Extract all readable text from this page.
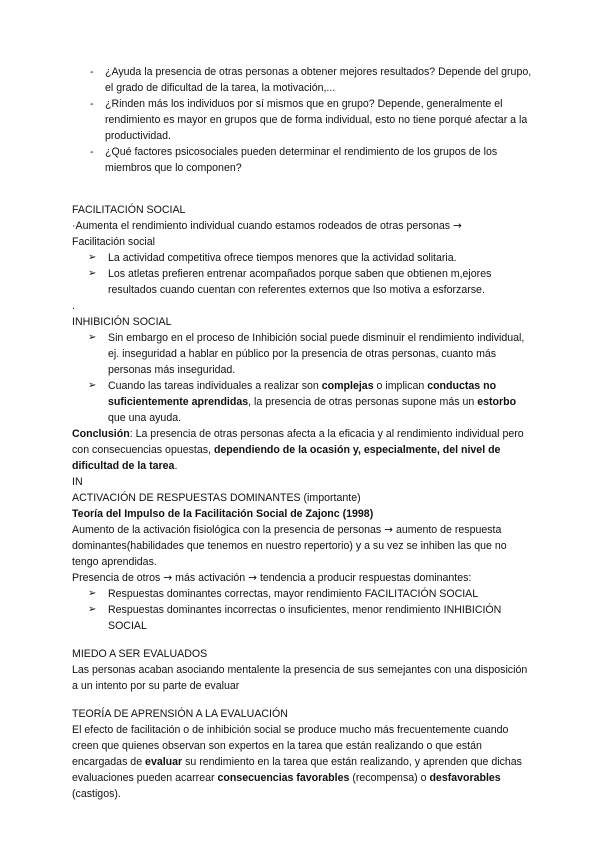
- ¿Ayuda la presencia de otras personas a obtener mejores resultados? Depende del grupo, el grado de dificultad de la tarea, la motivación,...
- ¿Rinden más los individuos por sí mismos que en grupo? Depende, generalmente el rendimiento es mayor en grupos que de forma individual, esto no tiene porqué afectar a la productividad.
- ¿Qué factores psicosociales pueden determinar el rendimiento de los grupos de los miembros que lo componen?

FACILITACIÓN SOCIAL

·Aumenta el rendimiento individual cuando estamos rodeados de otras personas →
Facilitación social

➢ La actividad competitiva ofrece tiempos menores que la actividad solitaria.
➢ Los atletas prefieren entrenar acompañados porque saben que obtienen m,ejores resultados cuando cuentan con referentes externos que lso motiva a esforzarse.

.

INHIBICIÓN SOCIAL

➢ Sin embargo en el proceso de Inhibición social puede disminuir el rendimiento individual, ej. inseguridad a hablar en público por la presencia de otras personas, cuanto más personas más inseguridad.
➢ Cuando las tareas individuales a realizar son complejas o implican conductas no suficientemente aprendidas, la presencia de otras personas supone más un estorbo que una ayuda.

Conclusión: La presencia de otras personas afecta a la eficacia y al rendimiento individual pero con consecuencias opuestas, dependiendo de la ocasión y, especialmente, del nivel de dificultad de la tarea.

IN

ACTIVACIÓN DE RESPUESTAS DOMINANTES (importante)

Teoría del Impulso de la Facilitación Social de Zajonc (1998)

Aumento de la activación fisiológica con la presencia de personas → aumento de respuesta dominantes(habilidades que tenemos en nuestro repertorio) y a su vez se inhiben las que no tengo aprendidas.

Presencia de otros → más activación → tendencia a producir respuestas dominantes:

➢ Respuestas dominantes correctas, mayor rendimiento FACILITACIÓN SOCIAL
➢ Respuestas dominantes incorrectas o insuficientes, menor rendimiento INHIBICIÓN SOCIAL

MIEDO A SER EVALUADOS

Las personas acaban asociando mentalente la presencia de sus semejantes con una disposición a un intento por su parte de evaluar

TEORÍA DE APRENSIÓN A LA EVALUACIÓN

El efecto de facilitación o de inhibición social se produce mucho más frecuentemente cuando creen que quienes observan son expertos en la tarea que están realizando o que están encargadas de evaluar su rendimiento en la tarea que están realizando, y aprenden que dichas evaluaciones pueden acarrear consecuencias favorables (recompensa) o desfavorables (castigos).
